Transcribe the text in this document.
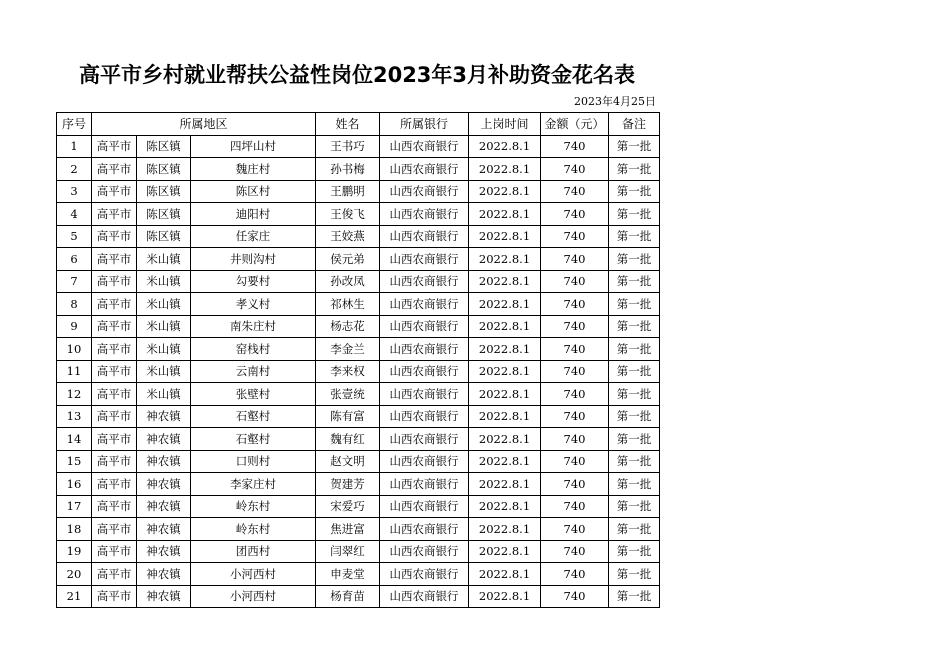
高平市乡村就业帮扶公益性岗位2023年3月补助资金花名表
2023年4月25日
序号	所属地区			姓名	所属银行	上岗时间	金额（元）	备注
1	高平市	陈区镇	四坪山村	王书巧	山西农商银行	2022.8.1	740	第一批
2	高平市	陈区镇	魏庄村	孙书梅	山西农商银行	2022.8.1	740	第一批
3	高平市	陈区镇	陈区村	王鹏明	山西农商银行	2022.8.1	740	第一批
4	高平市	陈区镇	迪阳村	王俊飞	山西农商银行	2022.8.1	740	第一批
5	高平市	陈区镇	任家庄	王姣燕	山西农商银行	2022.8.1	740	第一批
6	高平市	米山镇	井则沟村	侯元弟	山西农商银行	2022.8.1	740	第一批
7	高平市	米山镇	勾要村	孙改凤	山西农商银行	2022.8.1	740	第一批
8	高平市	米山镇	孝义村	祁林生	山西农商银行	2022.8.1	740	第一批
9	高平市	米山镇	南朱庄村	杨志花	山西农商银行	2022.8.1	740	第一批
10	高平市	米山镇	窑栈村	李金兰	山西农商银行	2022.8.1	740	第一批
11	高平市	米山镇	云南村	李来权	山西农商银行	2022.8.1	740	第一批
12	高平市	米山镇	张壁村	张壹统	山西农商银行	2022.8.1	740	第一批
13	高平市	神农镇	石壑村	陈有富	山西农商银行	2022.8.1	740	第一批
14	高平市	神农镇	石壑村	魏有红	山西农商银行	2022.8.1	740	第一批
15	高平市	神农镇	口则村	赵文明	山西农商银行	2022.8.1	740	第一批
16	高平市	神农镇	李家庄村	贺建芳	山西农商银行	2022.8.1	740	第一批
17	高平市	神农镇	岭东村	宋爱巧	山西农商银行	2022.8.1	740	第一批
18	高平市	神农镇	岭东村	焦进富	山西农商银行	2022.8.1	740	第一批
19	高平市	神农镇	团西村	闫翠红	山西农商银行	2022.8.1	740	第一批
20	高平市	神农镇	小河西村	申麦堂	山西农商银行	2022.8.1	740	第一批
21	高平市	神农镇	小河西村	杨育苗	山西农商银行	2022.8.1	740	第一批
